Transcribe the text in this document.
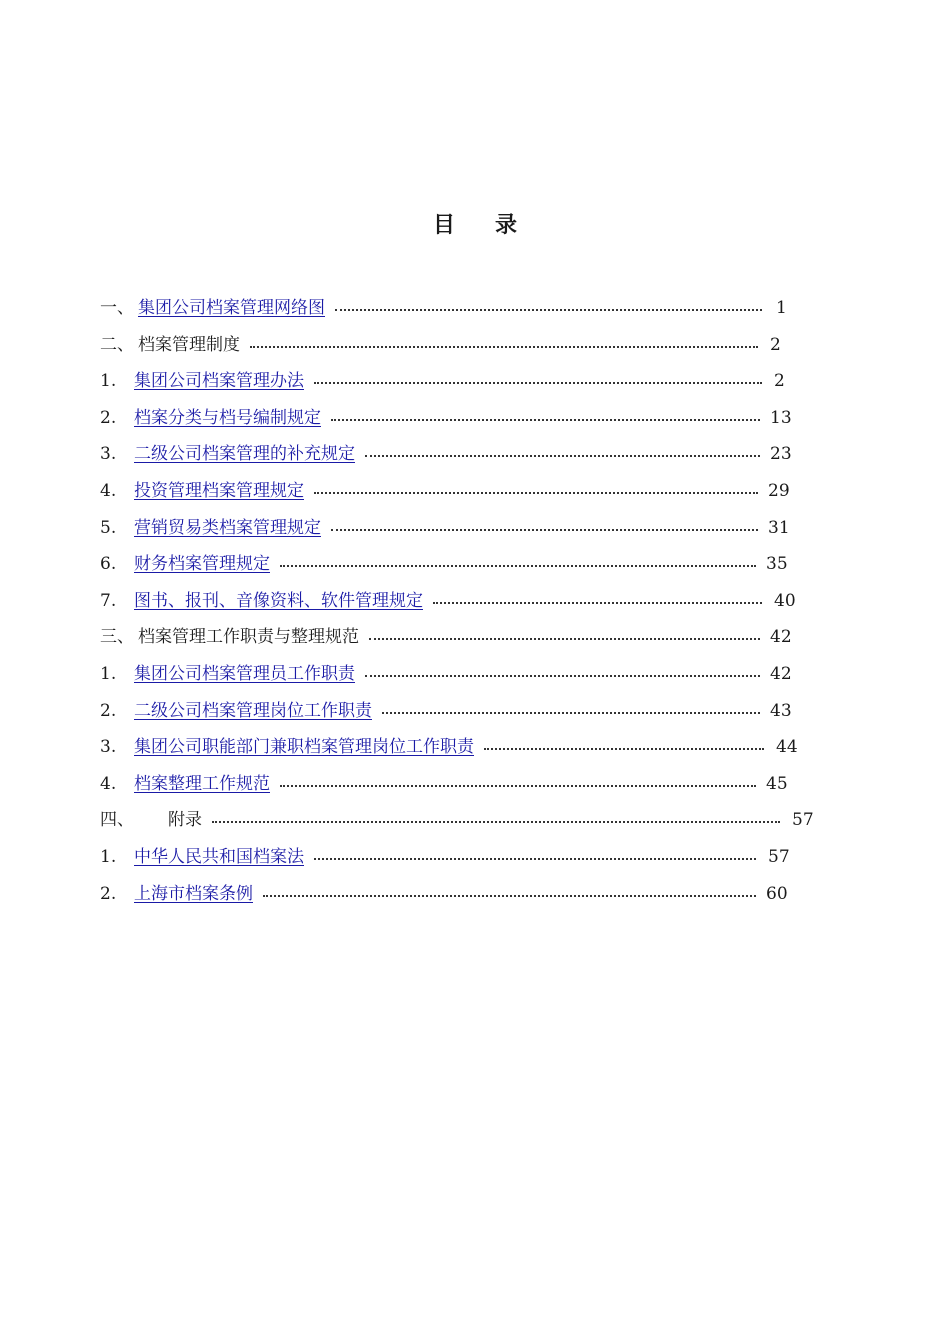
目 录
一、 集团公司档案管理网络图	1
二、 档案管理制度	2
1. 集团公司档案管理办法	2
2. 档案分类与档号编制规定	13
3. 二级公司档案管理的补充规定	23
4. 投资管理档案管理规定	29
5. 营销贸易类档案管理规定	31
6. 财务档案管理规定	35
7. 图书、报刊、音像资料、软件管理规定	40
三、 档案管理工作职责与整理规范	42
1. 集团公司档案管理员工作职责	42
2. 二级公司档案管理岗位工作职责	43
3. 集团公司职能部门兼职档案管理岗位工作职责	44
4. 档案整理工作规范	45
四、 附录	57
1. 中华人民共和国档案法	57
2. 上海市档案条例	60
